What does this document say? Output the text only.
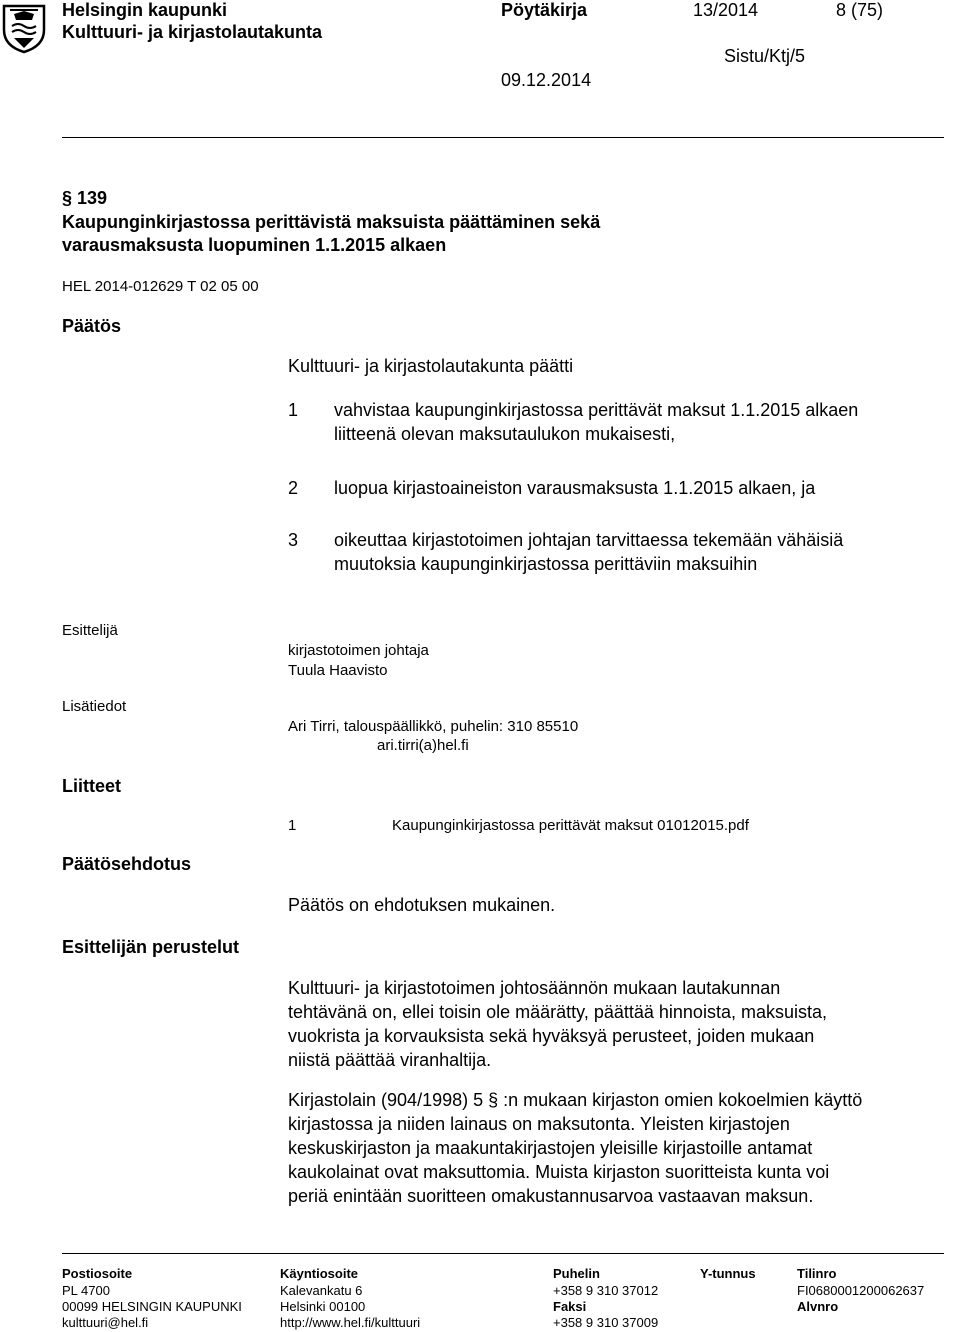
Helsingin kaupunki
Kulttuuri- ja kirjastolautakunta
Pöytäkirja	13/2014	8 (75)
Sistu/Ktj/5
09.12.2014
§ 139
Kaupunginkirjastossa perittävistä maksuista päättäminen sekä
varausmaksusta luopuminen 1.1.2015 alkaen
HEL 2014-012629 T 02 05 00
Päätös
Kulttuuri- ja kirjastolautakunta päätti
1 vahvistaa kaupunginkirjastossa perittävät maksut 1.1.2015 alkaen
liitteenä olevan maksutaulukon mukaisesti,
2 luopua kirjastoaineiston varausmaksusta 1.1.2015 alkaen, ja
3 oikeuttaa kirjastotoimen johtajan tarvittaessa tekemään vähäisiä
muutoksia kaupunginkirjastossa perittäviin maksuihin
Esittelijä
kirjastotoimen johtaja
Tuula Haavisto
Lisätiedot
Ari Tirri, talouspäällikkö, puhelin: 310 85510
ari.tirri(a)hel.fi
Liitteet
1	Kaupunginkirjastossa perittävät maksut 01012015.pdf
Päätösehdotus
Päätös on ehdotuksen mukainen.
Esittelijän perustelut
Kulttuuri- ja kirjastotoimen johtosäännön mukaan lautakunnan
tehtävänä on, ellei toisin ole määrätty, päättää hinnoista, maksuista,
vuokrista ja korvauksista sekä hyväksyä perusteet, joiden mukaan
niistä päättää viranhaltija.
Kirjastolain (904/1998) 5 § :n mukaan kirjaston omien kokoelmien käyttö
kirjastossa ja niiden lainaus on maksutonta. Yleisten kirjastojen
keskuskirjaston ja maakuntakirjastojen yleisille kirjastoille antamat
kaukolainat ovat maksuttomia. Muista kirjaston suoritteista kunta voi
periä enintään suoritteen omakustannusarvoa vastaavan maksun.
Postiosoite
PL 4700
00099 HELSINGIN KAUPUNKI
kulttuuri@hel.fi
Käyntiosoite
Kalevankatu 6
Helsinki 00100
http://www.hel.fi/kulttuuri
Puhelin
+358 9 310 37012
Faksi
+358 9 310 37009
Y-tunnus	Tilinro
FI0680001200062637
Alvnro
